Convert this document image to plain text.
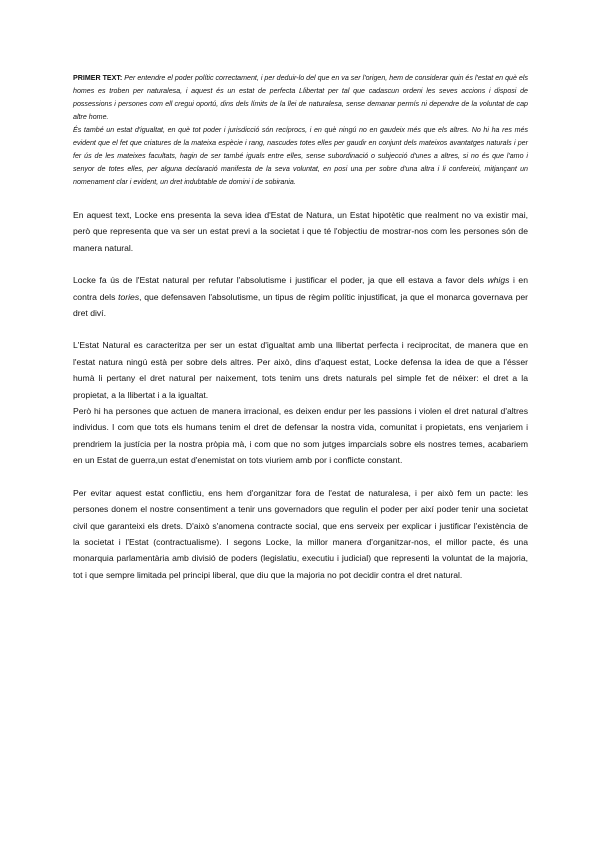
PRIMER TEXT: Per entendre el poder polític correctament, i per deduir-lo del que en va ser l'origen, hem de considerar quin és l'estat en què els homes es troben per naturalesa, i aquest és un estat de perfecta Llibertat per tal que cadascun ordeni les seves accions i disposi de possessions i persones com ell cregui oportú, dins dels límits de la llei de naturalesa, sense demanar permís ni dependre de la voluntat de cap altre home.

És també un estat d'igualtat, en què tot poder i jurisdicció són recíprocs, i en què ningú no en gaudeix més que els altres. No hi ha res més evident que el fet que criatures de la mateixa espècie i rang, nascudes totes elles per gaudir en conjunt dels mateixos avantatges naturals i per fer ús de les mateixes facultats, hagin de ser també iguals entre elles, sense subordinació o subjecció d'unes a altres, si no és que l'amo i senyor de totes elles, per alguna declaració manifesta de la seva voluntat, en posi una per sobre d'una altra i li confereixi, mitjançant un nomenament clar i evident, un dret indubtable de domini i de sobirania.

En aquest text, Locke ens presenta la seva idea d'Estat de Natura, un Estat hipotètic que realment no va existir mai, però que representa que va ser un estat previ a la societat i que té l'objectiu de mostrar-nos com les persones són de manera natural.

Locke fa ús de l'Estat natural per refutar l'absolutisme i justificar el poder, ja que ell estava a favor dels whigs i en contra dels tories, que defensaven l'absolutisme, un tipus de règim polític injustificat, ja que el monarca governava per dret diví.

L'Estat Natural es caracteritza per ser un estat d'igualtat amb una llibertat perfecta i reciprocitat, de manera que en l'estat natura ningú està per sobre dels altres. Per això, dins d'aquest estat, Locke defensa la idea de que a l'ésser humà li pertany el dret natural per naixement, tots tenim uns drets naturals pel simple fet de néixer: el dret a la propietat, a la llibertat i a la igualtat.

Però hi ha persones que actuen de manera irracional, es deixen endur per les passions i violen el dret natural d'altres individus. I com que tots els humans tenim el dret de defensar la nostra vida, comunitat i propietats, ens venjariem i prendriem la justícia per la nostra pròpia mà, i com que no som jutges imparcials sobre els nostres temes, acabariem en un Estat de guerra,un estat d'enemistat on tots viuriem amb por i conflicte constant.

Per evitar aquest estat conflictiu, ens hem d'organitzar fora de l'estat de naturalesa, i per això fem un pacte: les persones donem el nostre consentiment a tenir uns governadors que regulin el poder per així poder tenir una societat civil que garanteixi els drets. D'això s'anomena contracte social, que ens serveix per explicar i justificar l'existència de la societat i l'Estat (contractualisme). I segons Locke, la millor manera d'organitzar-nos, el millor pacte, és una monarquia parlamentària amb divisió de poders (legislatiu, executiu i judicial) que representi la voluntat de la majoria, tot i que sempre limitada pel principi liberal, que diu que la majoria no pot decidir contra el dret natural.
